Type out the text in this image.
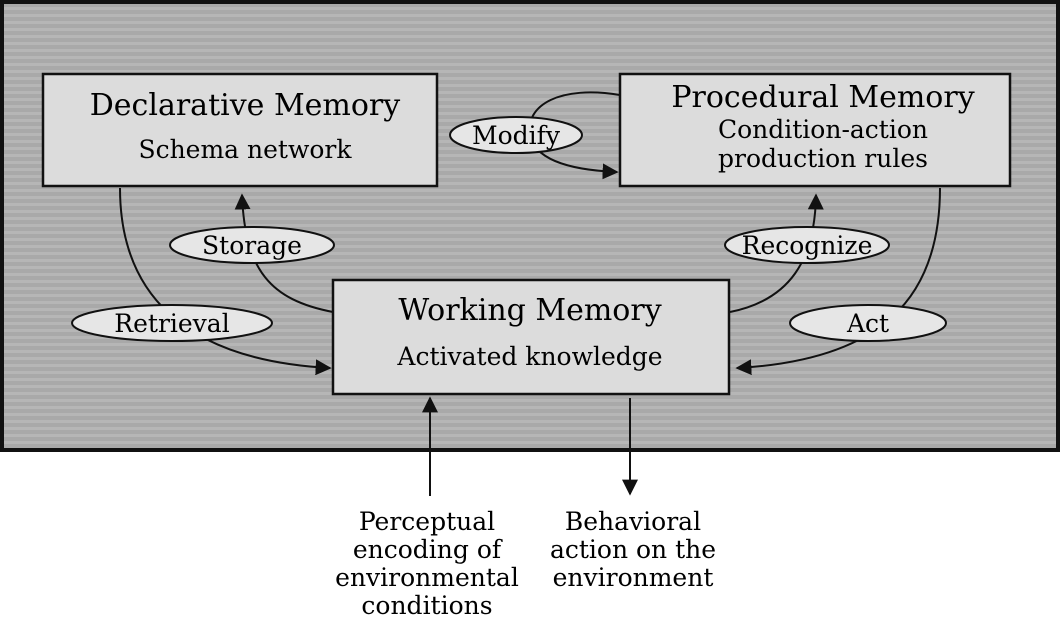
Declarative Memory
Schema network
Procedural Memory
Condition-action
production rules
Working Memory
Activated knowledge
Modify
Storage	Recognize
Retrieval	Act
Perceptual
encoding of
environmental
conditions
Behavioral
action on the
environment
